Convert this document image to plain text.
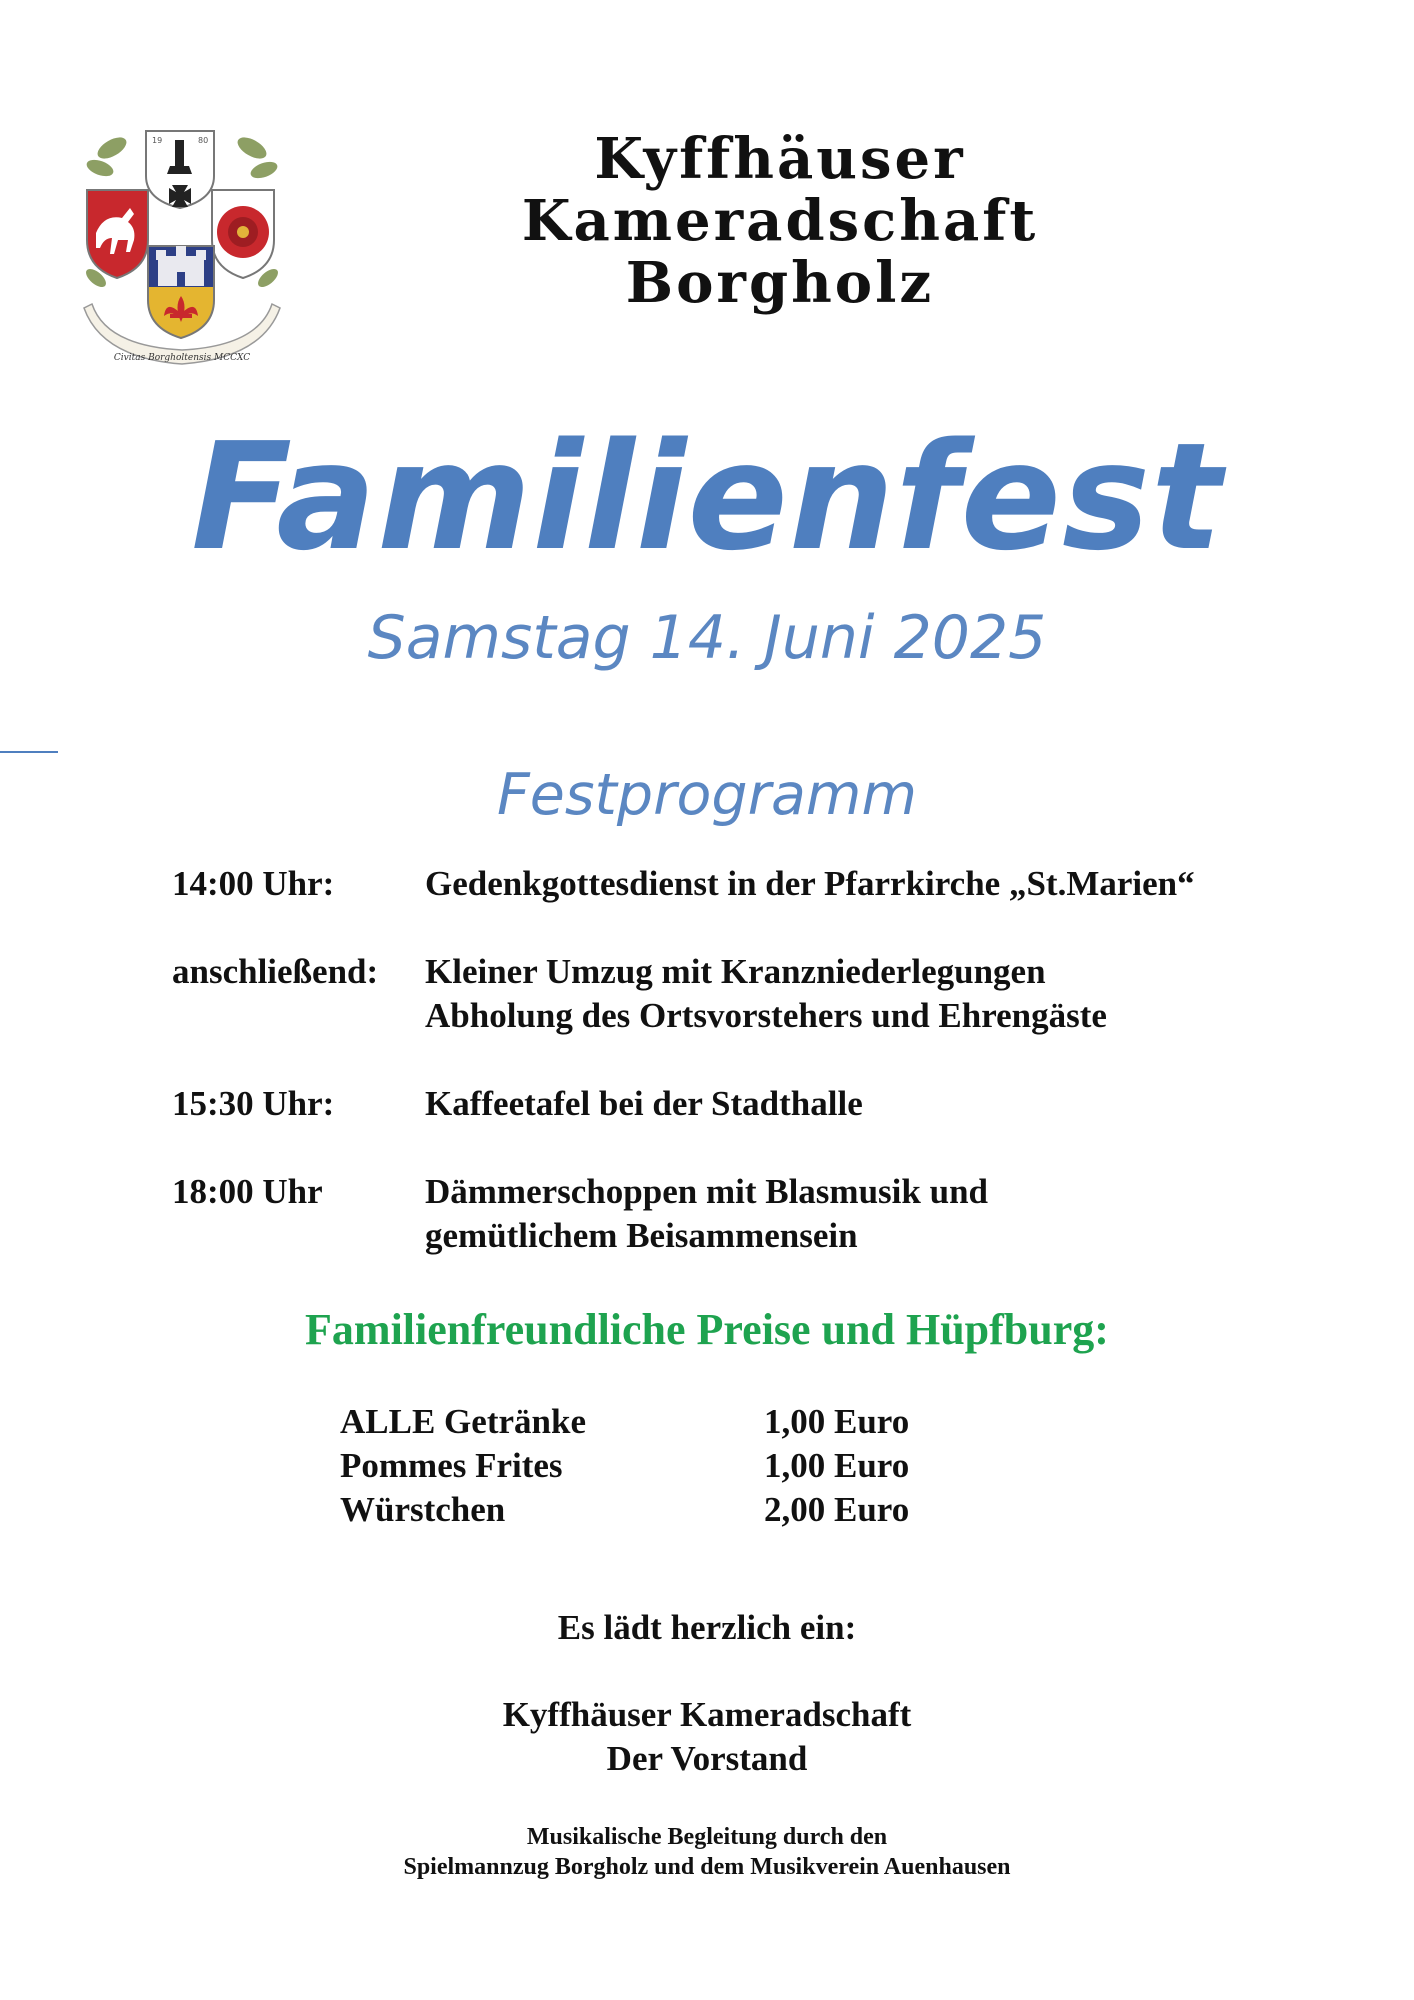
19	80
Civitas Borgholtensis MCCXC
Kyffhäuser
Kameradschaft
Borgholz
Familienfest
Samstag 14. Juni 2025
Festprogramm
14:00 Uhr:	Gedenkgottesdienst in der Pfarrkirche „St.Marien“
anschließend:	Kleiner Umzug mit Kranzniederlegungen
Abholung des Ortsvorstehers und Ehrengäste
15:30 Uhr:	Kaffeetafel bei der Stadthalle
18:00 Uhr	Dämmerschoppen mit Blasmusik und
gemütlichem Beisammensein
Familienfreundliche Preise und Hüpfburg:
ALLE Getränke	1,00 Euro
Pommes Frites	1,00 Euro
Würstchen	2,00 Euro
Es lädt herzlich ein:
Kyffhäuser Kameradschaft
Der Vorstand
Musikalische Begleitung durch den
Spielmannzug Borgholz und dem Musikverein Auenhausen
